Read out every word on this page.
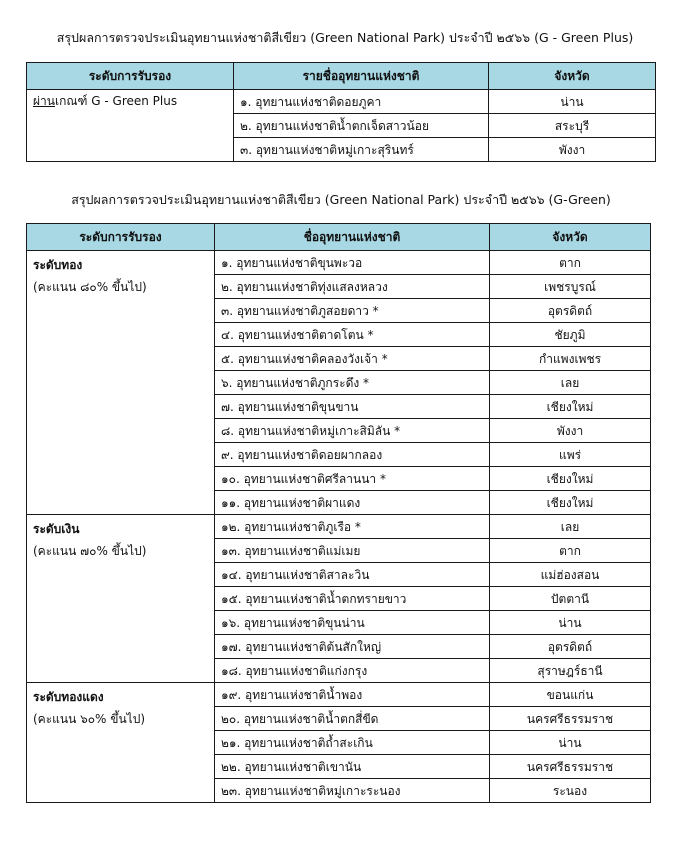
สรุปผลการตรวจประเมินอุทยานแห่งชาติสีเขียว (Green National Park) ประจำปี ๒๕๖๖ (G - Green Plus)
ระดับการรับรอง	รายชื่ออุทยานแห่งชาติ	จังหวัด
ผ่านเกณฑ์ G - Green Plus	๑. อุทยานแห่งชาติดอยภูคา	น่าน
	๒. อุทยานแห่งชาติน้ำตกเจ็ดสาวน้อย	สระบุรี
	๓. อุทยานแห่งชาติหมู่เกาะสุรินทร์	พังงา
สรุปผลการตรวจประเมินอุทยานแห่งชาติสีเขียว (Green National Park) ประจำปี ๒๕๖๖ (G-Green)
ระดับการรับรอง	ชื่ออุทยานแห่งชาติ	จังหวัด

ระดับทอง
(คะแนน ๘๐% ขึ้นไป)	๑. อุทยานแห่งชาติขุนพะวอ	ตาก
	๒. อุทยานแห่งชาติทุ่งแสลงหลวง	เพชรบูรณ์
	๓. อุทยานแห่งชาติภูสอยดาว *	อุตรดิตถ์
	๔. อุทยานแห่งชาติตาดโตน *	ชัยภูมิ
	๕. อุทยานแห่งชาติคลองวังเจ้า *	กำแพงเพชร
	๖. อุทยานแห่งชาติภูกระดึง *	เลย
	๗. อุทยานแห่งชาติขุนขาน	เชียงใหม่
	๘. อุทยานแห่งชาติหมู่เกาะสิมิลัน *	พังงา
	๙. อุทยานแห่งชาติดอยผากลอง	แพร่
	๑๐. อุทยานแห่งชาติศรีลานนา *	เชียงใหม่
	๑๑. อุทยานแห่งชาติผาแดง	เชียงใหม่

ระดับเงิน
(คะแนน ๗๐% ขึ้นไป)	๑๒. อุทยานแห่งชาติภูเรือ *	เลย
	๑๓. อุทยานแห่งชาติแม่เมย	ตาก
	๑๔. อุทยานแห่งชาติสาละวิน	แม่ฮ่องสอน
	๑๕. อุทยานแห่งชาติน้ำตกทรายขาว	ปัตตานี
	๑๖. อุทยานแห่งชาติขุนน่าน	น่าน
	๑๗. อุทยานแห่งชาติต้นสักใหญ่	อุตรดิตถ์
	๑๘. อุทยานแห่งชาติแก่งกรุง	สุราษฎร์ธานี

ระดับทองแดง
(คะแนน ๖๐% ขึ้นไป)	๑๙. อุทยานแห่งชาติน้ำพอง	ขอนแก่น
	๒๐. อุทยานแห่งชาติน้ำตกสี่ขีด	นครศรีธรรมราช
	๒๑. อุทยานแห่งชาติถ้ำสะเกิน	น่าน
	๒๒. อุทยานแห่งชาติเขานัน	นครศรีธรรมราช
	๒๓. อุทยานแห่งชาติหมู่เกาะระนอง	ระนอง
